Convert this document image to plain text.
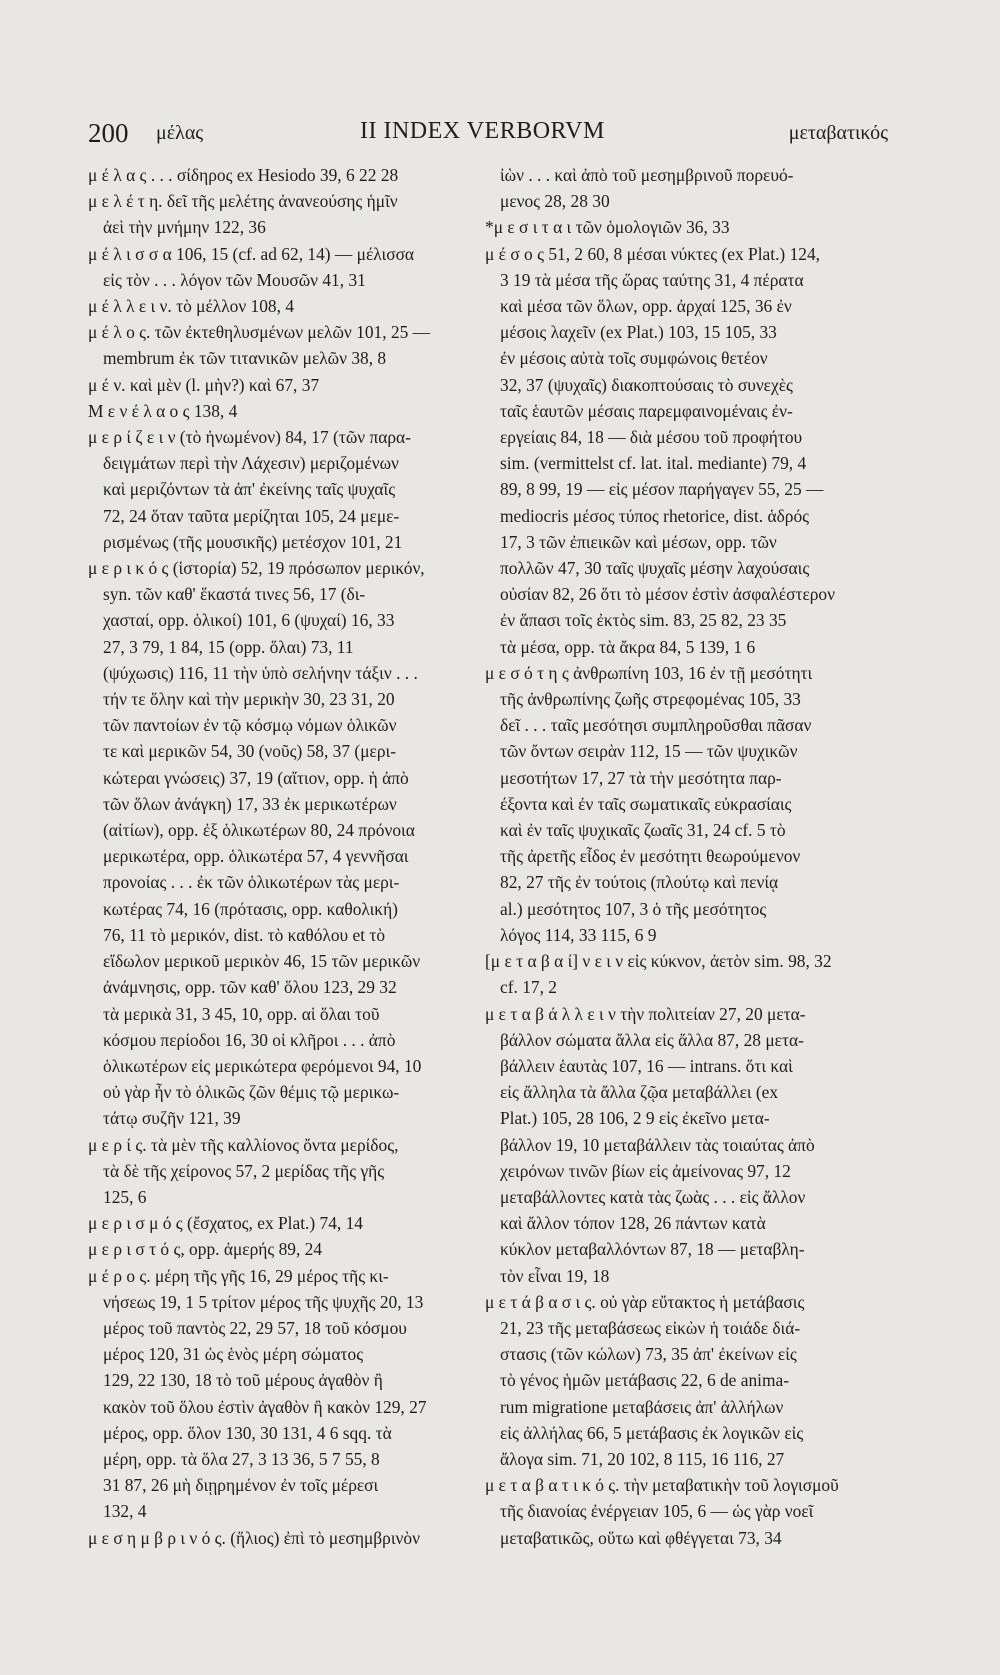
200 μέλας	II INDEX VERBORVM	μεταβατικός
μ έ λ α ς . . . σίδηρος ex Hesiodo 39, 6 22 28
μ ε λ έ τ η. δεῖ τῆς μελέτης ἀνανεούσης ἡμῖν
ἀεὶ τὴν μνήμην 122, 36
μ έ λ ι σ σ α 106, 15 (cf. ad 62, 14) — μέλισσα
εἰς τὸν . . . λόγον τῶν Μουσῶν 41, 31
μ έ λ λ ε ι ν. τὸ μέλλον 108, 4
μ έ λ ο ς. τῶν ἐκτεθηλυσμένων μελῶν 101, 25 —
membrum ἐκ τῶν τιτανικῶν μελῶν 38, 8
μ έ ν. καὶ μὲν (l. μὴν?) καὶ 67, 37
Μ ε ν έ λ α ο ς 138, 4
μ ε ρ ί ζ ε ι ν (τὸ ἡνωμένον) 84, 17 (τῶν παρα-
δειγμάτων περὶ τὴν Λάχεσιν) μεριζομένων
καὶ μεριζόντων τὰ ἀπ' ἐκείνης ταῖς ψυχαῖς
72, 24 ὅταν ταῦτα μερίζηται 105, 24 μεμε-
ρισμένως (τῆς μουσικῆς) μετέσχον 101, 21
μ ε ρ ι κ ό ς (ἱστορία) 52, 19 πρόσωπον μερικόν,
syn. τῶν καθ' ἕκαστά τινες 56, 17 (δι-
χασταί, opp. ὁλικοί) 101, 6 (ψυχαί) 16, 33
27, 3 79, 1 84, 15 (opp. ὅλαι) 73, 11
(ψύχωσις) 116, 11 τὴν ὑπὸ σελήνην τάξιν . . .
τήν τε ὅλην καὶ τὴν μερικὴν 30, 23 31, 20
τῶν παντοίων ἐν τῷ κόσμῳ νόμων ὁλικῶν
τε καὶ μερικῶν 54, 30 (νοῦς) 58, 37 (μερι-
κώτεραι γνώσεις) 37, 19 (αἴτιον, opp. ἡ ἀπὸ
τῶν ὅλων ἀνάγκη) 17, 33 ἐκ μερικωτέρων
(αἰτίων), opp. ἐξ ὁλικωτέρων 80, 24 πρόνοια
μερικωτέρα, opp. ὁλικωτέρα 57, 4 γεννῆσαι
προνοίας . . . ἐκ τῶν ὁλικωτέρων τὰς μερι-
κωτέρας 74, 16 (πρότασις, opp. καθολική)
76, 11 τὸ μερικόν, dist. τὸ καθόλου et τὸ
εἴδωλον μερικοῦ μερικὸν 46, 15 τῶν μερικῶν
ἀνάμνησις, opp. τῶν καθ' ὅλου 123, 29 32
τὰ μερικὰ 31, 3 45, 10, opp. αἱ ὅλαι τοῦ
κόσμου περίοδοι 16, 30 οἱ κλῆροι . . . ἀπὸ
ὁλικωτέρων εἰς μερικώτερα φερόμενοι 94, 10
οὐ γὰρ ἦν τὸ ὁλικῶς ζῶν θέμις τῷ μερικω-
τάτῳ συζῆν 121, 39
μ ε ρ ί ς. τὰ μὲν τῆς καλλίονος ὄντα μερίδος,
τὰ δὲ τῆς χείρονος 57, 2 μερίδας τῆς γῆς
125, 6
μ ε ρ ι σ μ ό ς (ἔσχατος, ex Plat.) 74, 14
μ ε ρ ι σ τ ό ς, opp. ἀμερής 89, 24
μ έ ρ ο ς. μέρη τῆς γῆς 16, 29 μέρος τῆς κι-
νήσεως 19, 1 5 τρίτον μέρος τῆς ψυχῆς 20, 13
μέρος τοῦ παντὸς 22, 29 57, 18 τοῦ κόσμου
μέρος 120, 31 ὡς ἑνὸς μέρη σώματος
129, 22 130, 18 τὸ τοῦ μέρους ἀγαθὸν ἢ
κακὸν τοῦ ὅλου ἐστὶν ἀγαθὸν ἢ κακὸν 129, 27
μέρος, opp. ὅλον 130, 30 131, 4 6 sqq. τὰ
μέρη, opp. τὰ ὅλα 27, 3 13 36, 5 7 55, 8
31 87, 26 μὴ διῃρημένον ἐν τοῖς μέρεσι
132, 4
μ ε σ η μ β ρ ι ν ό ς. (ἥλιος) ἐπὶ τὸ μεσημβρινὸν
ἰὼν . . . καὶ ἀπὸ τοῦ μεσημβρινοῦ πορευό-
μενος 28, 28 30
*μ ε σ ι τ α ι τῶν ὁμολογιῶν 36, 33
μ έ σ ο ς 51, 2 60, 8 μέσαι νύκτες (ex Plat.) 124,
3 19 τὰ μέσα τῆς ὥρας ταύτης 31, 4 πέρατα
καὶ μέσα τῶν ὅλων, opp. ἀρχαί 125, 36 ἐν
μέσοις λαχεῖν (ex Plat.) 103, 15 105, 33
ἐν μέσοις αὐτὰ τοῖς συμφώνοις θετέον
32, 37 (ψυχαῖς) διακοπτούσαις τὸ συνεχὲς
ταῖς ἑαυτῶν μέσαις παρεμφαινομέναις ἐν-
εργείαις 84, 18 — διὰ μέσου τοῦ προφήτου
sim. (vermittelst cf. lat. ital. mediante) 79, 4
89, 8 99, 19 — εἰς μέσον παρήγαγεν 55, 25 —
mediocris μέσος τύπος rhetorice, dist. ἁδρός
17, 3 τῶν ἐπιεικῶν καὶ μέσων, opp. τῶν
πολλῶν 47, 30 ταῖς ψυχαῖς μέσην λαχούσαις
οὐσίαν 82, 26 ὅτι τὸ μέσον ἐστὶν ἀσφαλέστερον
ἐν ἅπασι τοῖς ἐκτὸς sim. 83, 25 82, 23 35
τὰ μέσα, opp. τὰ ἄκρα 84, 5 139, 1 6
μ ε σ ό τ η ς ἀνθρωπίνη 103, 16 ἐν τῇ μεσότητι
τῆς ἀνθρωπίνης ζωῆς στρεφομένας 105, 33
δεῖ . . . ταῖς μεσότησι συμπληροῦσθαι πᾶσαν
τῶν ὄντων σειρὰν 112, 15 — τῶν ψυχικῶν
μεσοτήτων 17, 27 τὰ τὴν μεσότητα παρ-
έξοντα καὶ ἐν ταῖς σωματικαῖς εὐκρασίαις
καὶ ἐν ταῖς ψυχικαῖς ζωαῖς 31, 24 cf. 5 τὸ
τῆς ἀρετῆς εἶδος ἐν μεσότητι θεωρούμενον
82, 27 τῆς ἐν τούτοις (πλούτῳ καὶ πενίᾳ
al.) μεσότητος 107, 3 ὁ τῆς μεσότητος
λόγος 114, 33 115, 6 9
[μ ε τ α β α ί] ν ε ι ν εἰς κύκνον, ἀετὸν sim. 98, 32
cf. 17, 2
μ ε τ α β ά λ λ ε ι ν τὴν πολιτείαν 27, 20 μετα-
βάλλον σώματα ἄλλα εἰς ἄλλα 87, 28 μετα-
βάλλειν ἑαυτὰς 107, 16 — intrans. ὅτι καὶ
εἰς ἄλληλα τὰ ἄλλα ζῷα μεταβάλλει (ex
Plat.) 105, 28 106, 2 9 εἰς ἐκεῖνο μετα-
βάλλον 19, 10 μεταβάλλειν τὰς τοιαύτας ἀπὸ
χειρόνων τινῶν βίων εἰς ἀμείνονας 97, 12
μεταβάλλοντες κατὰ τὰς ζωὰς . . . εἰς ἄλλον
καὶ ἄλλον τόπον 128, 26 πάντων κατὰ
κύκλον μεταβαλλόντων 87, 18 — μεταβλη-
τὸν εἶναι 19, 18
μ ε τ ά β α σ ι ς. οὐ γὰρ εὔτακτος ἡ μετάβασις
21, 23 τῆς μεταβάσεως εἰκὼν ἡ τοιάδε διά-
στασις (τῶν κώλων) 73, 35 ἀπ' ἐκείνων εἰς
τὸ γένος ἡμῶν μετάβασις 22, 6 de anima-
rum migratione μεταβάσεις ἀπ' ἀλλήλων
εἰς ἀλλήλας 66, 5 μετάβασις ἐκ λογικῶν εἰς
ἄλογα sim. 71, 20 102, 8 115, 16 116, 27
μ ε τ α β α τ ι κ ό ς. τὴν μεταβατικὴν τοῦ λογισμοῦ
τῆς διανοίας ἐνέργειαν 105, 6 — ὡς γὰρ νοεῖ
μεταβατικῶς, οὕτω καὶ φθέγγεται 73, 34
